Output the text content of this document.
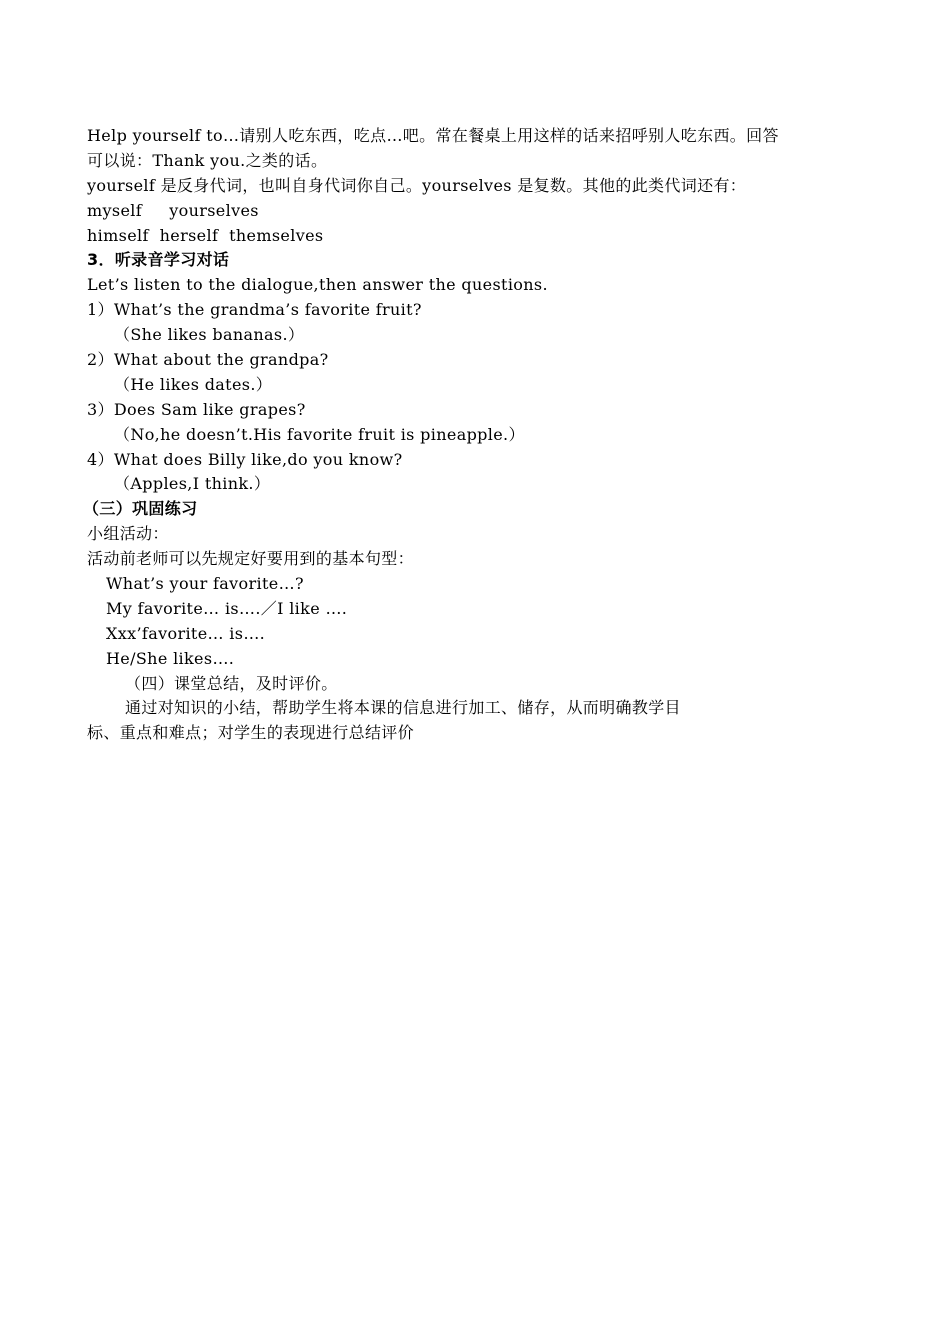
Help yourself to…请别人吃东西，吃点…吧。常在餐桌上用这样的话来招呼别人吃东西。回答
可以说：Thank you.之类的话。
yourself 是反身代词，也叫自身代词你自己。yourselves 是复数。其他的此类代词还有：
myself     yourselves
himself  herself  themselves
3．听录音学习对话
Let’s listen to the dialogue,then answer the questions.
1）What’s the grandma’s favorite fruit?
（She likes bananas.）
2）What about the grandpa?
（He likes dates.）
3）Does Sam like grapes?
（No,he doesn’t.His favorite fruit is pineapple.）
4）What does Billy like,do you know?
（Apples,I think.）
（三）巩固练习
小组活动：
活动前老师可以先规定好要用到的基本句型：
What’s your favorite…?
My favorite… is….／I like ….
Xxx’favorite… is….
He/She likes….
（四）课堂总结，及时评价。
通过对知识的小结，帮助学生将本课的信息进行加工、储存，从而明确教学目
标、重点和难点；对学生的表现进行总结评价
